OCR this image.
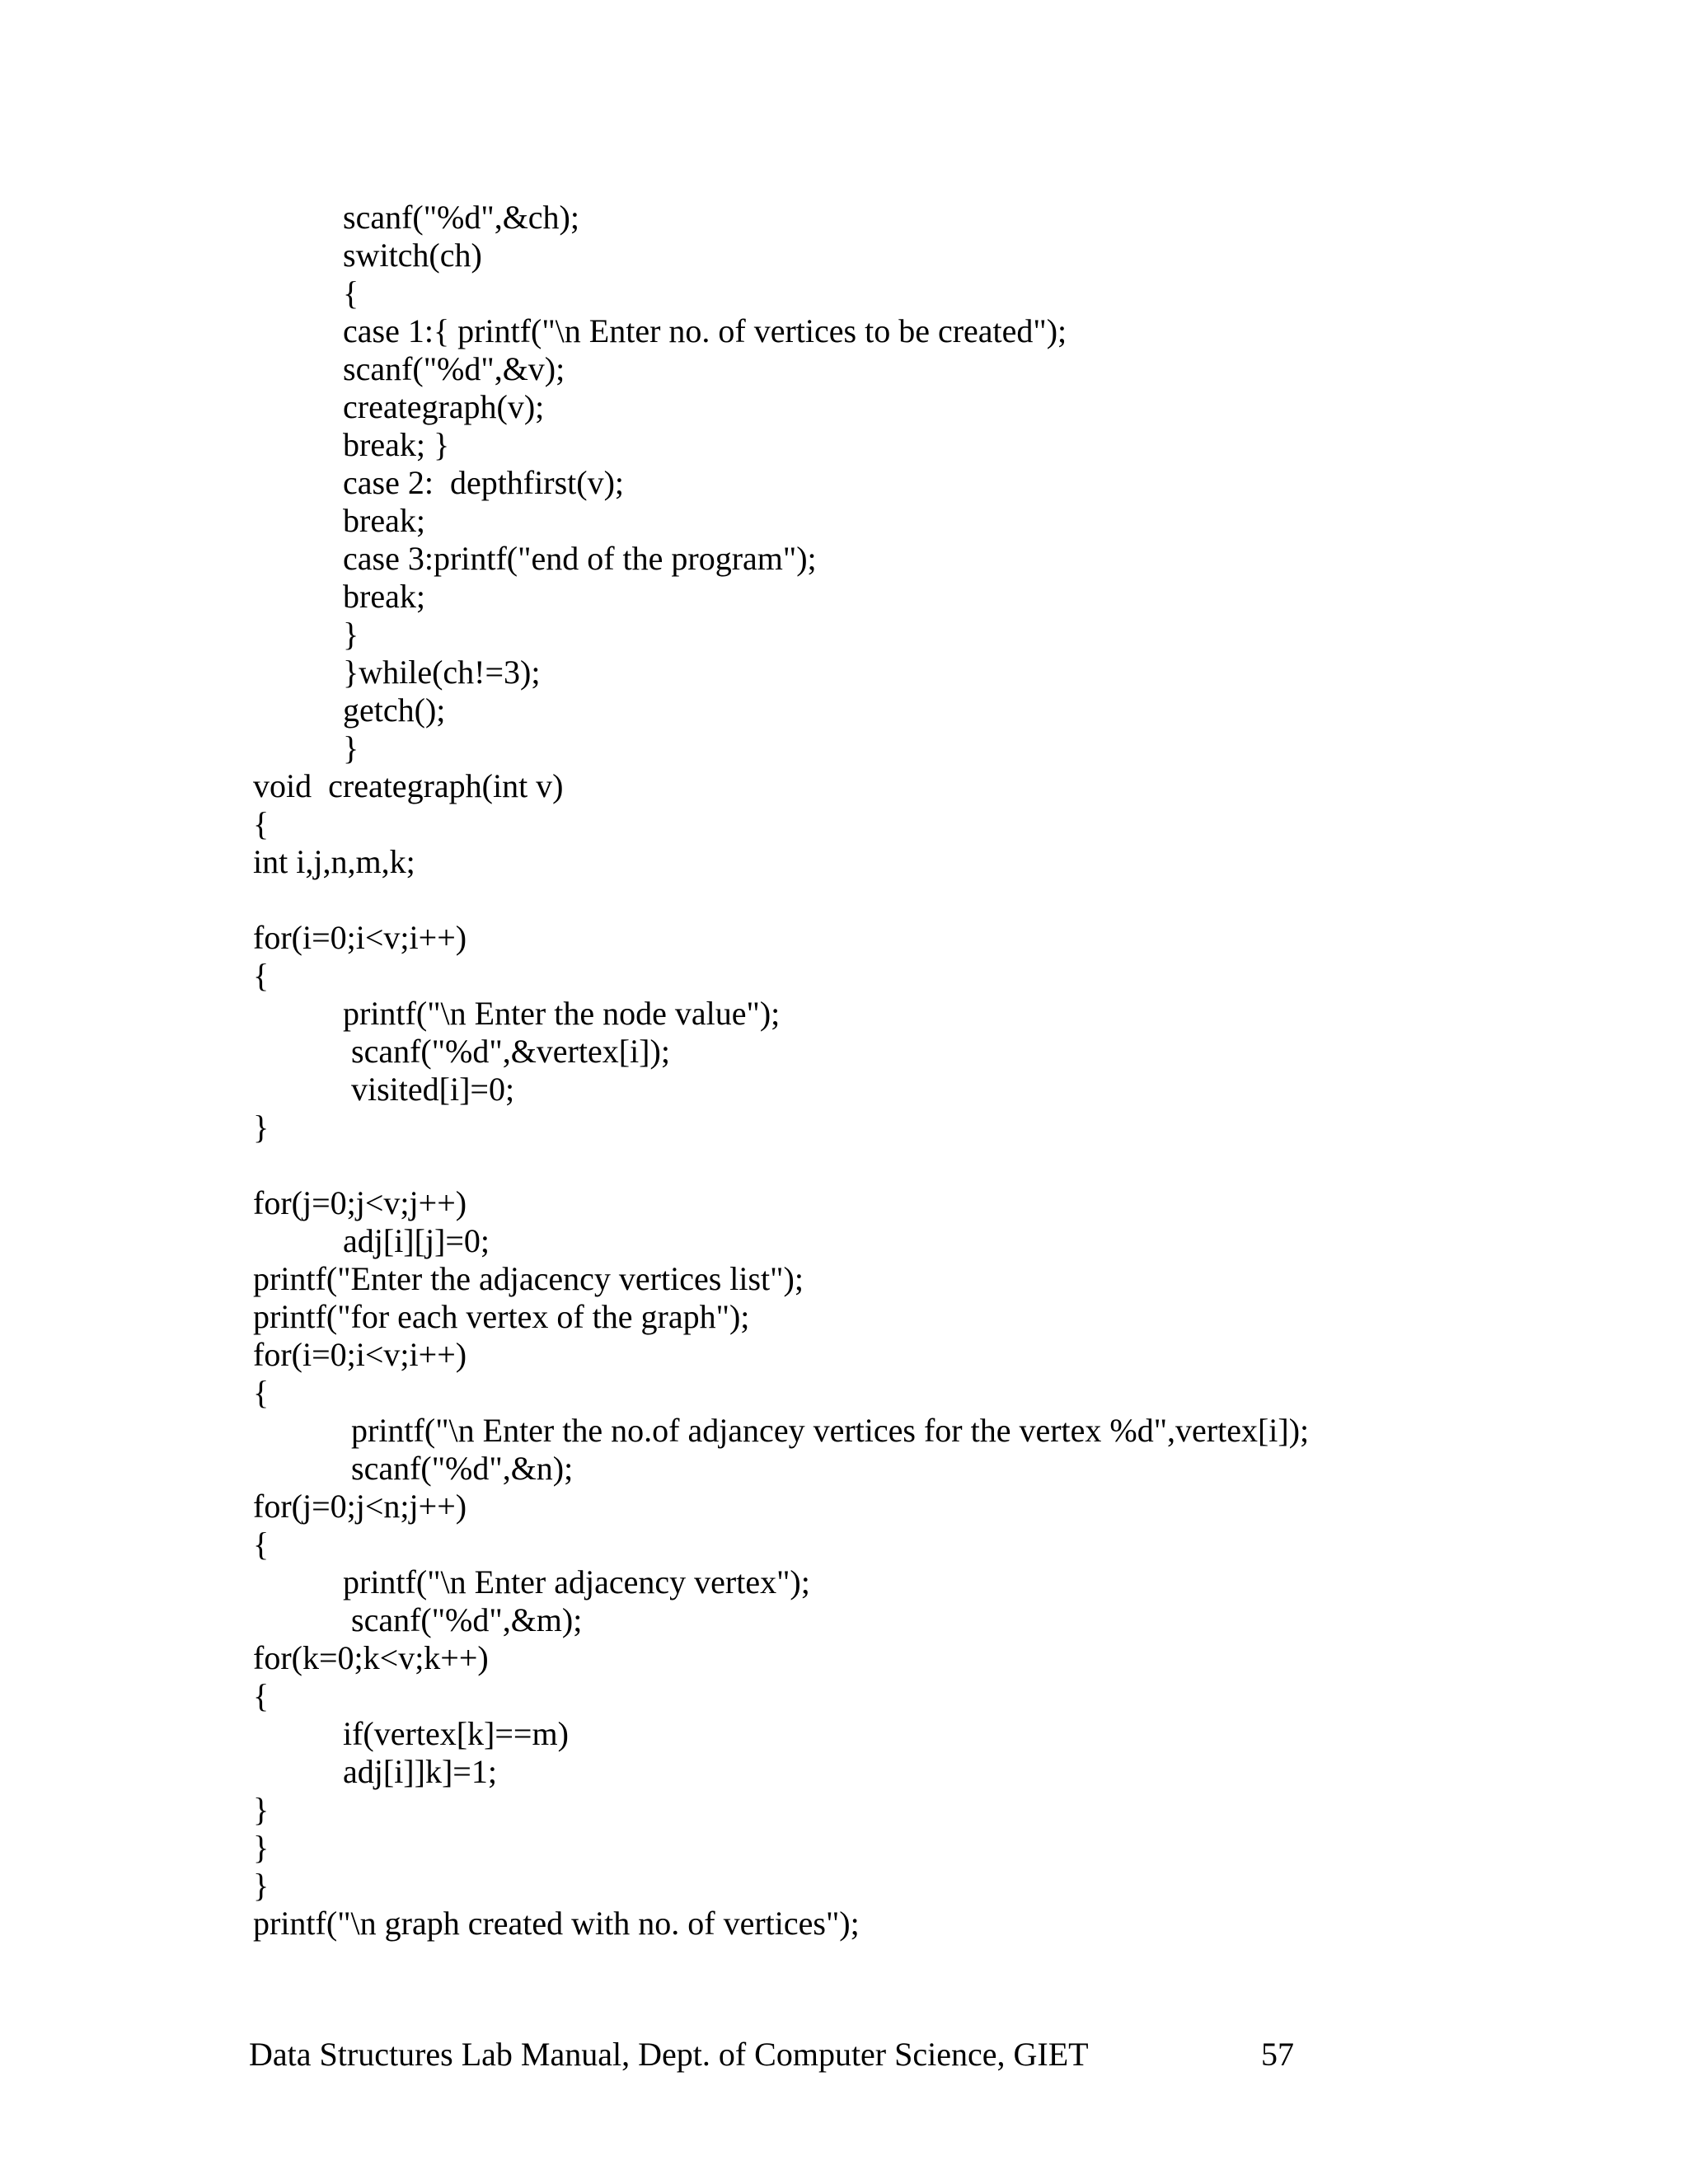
scanf("%d",&ch);
switch(ch)
{
case 1:{ printf("\n Enter no. of vertices to be created");
scanf("%d",&v);
creategraph(v);
break; }
case 2:  depthfirst(v);
break;
case 3:printf("end of the program");
break;
}
}while(ch!=3);
getch();
}
void  creategraph(int v)
{
int i,j,n,m,k;
for(i=0;i<v;i++)
{
printf("\n Enter the node value");
scanf("%d",&vertex[i]);
visited[i]=0;
}
for(j=0;j<v;j++)
adj[i][j]=0;
printf("Enter the adjacency vertices list");
printf("for each vertex of the graph");
for(i=0;i<v;i++)
{
printf("\n Enter the no.of adjancey vertices for the vertex %d",vertex[i]);
scanf("%d",&n);
for(j=0;j<n;j++)
{
printf("\n Enter adjacency vertex");
scanf("%d",&m);
for(k=0;k<v;k++)
{
if(vertex[k]==m)
adj[i]]k]=1;
}
}
}
printf("\n graph created with no. of vertices");
Data Structures Lab Manual, Dept. of Computer Science, GIET	57
